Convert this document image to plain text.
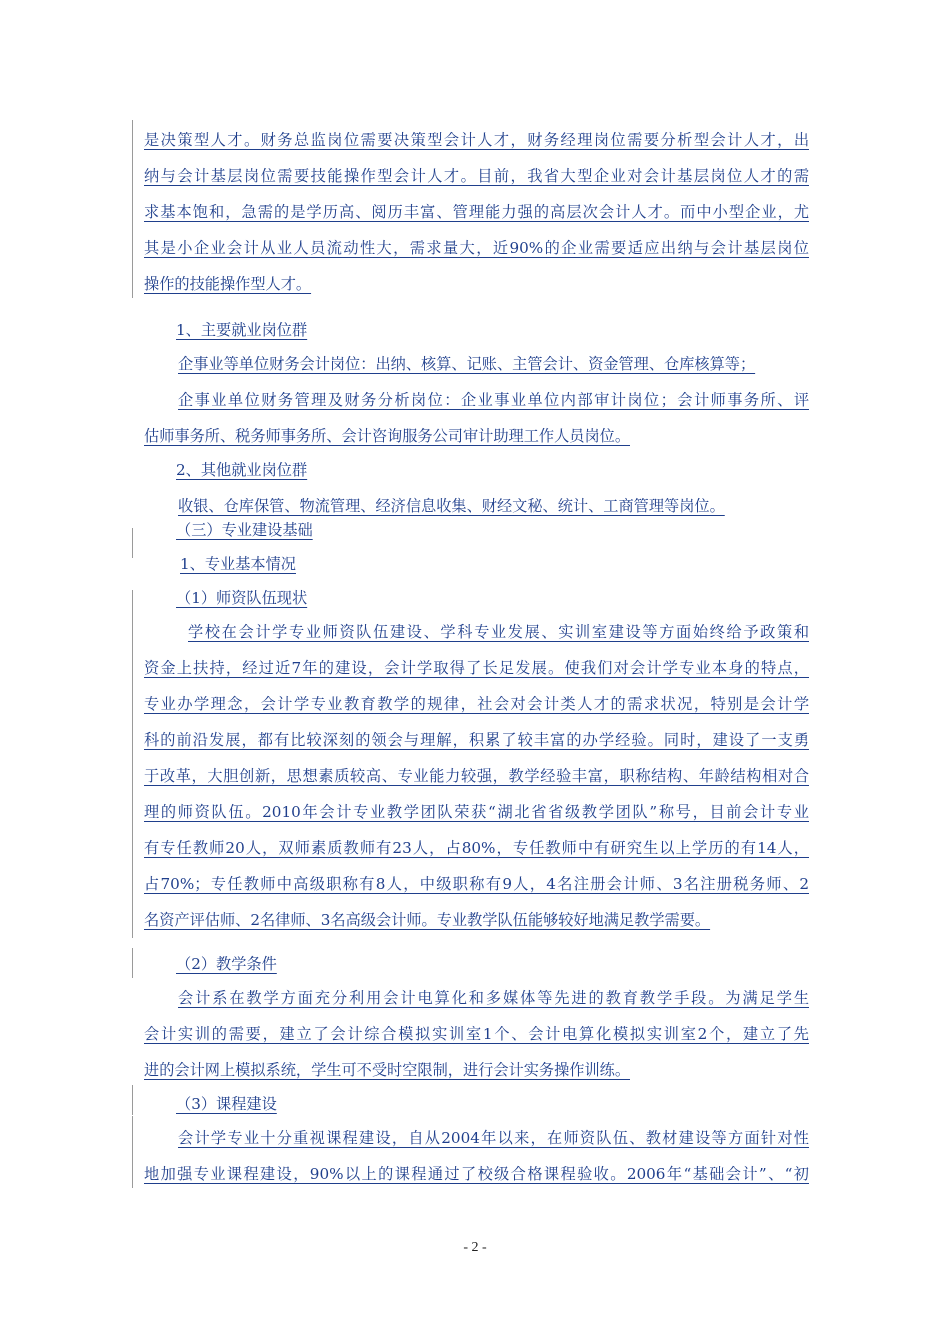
是决策型人才。财务总监岗位需要决策型会计人才，财务经理岗位需要分析型会计人才，出
纳与会计基层岗位需要技能操作型会计人才。目前，我省大型企业对会计基层岗位人才的需
求基本饱和，急需的是学历高、阅历丰富、管理能力强的高层次会计人才。而中小型企业，尤
其是小企业会计从业人员流动性大，需求量大，近90%的企业需要适应出纳与会计基层岗位
操作的技能操作型人才。
1、主要就业岗位群
企事业等单位财务会计岗位：出纳、核算、记账、主管会计、资金管理、仓库核算等；
企事业单位财务管理及财务分析岗位：企业事业单位内部审计岗位；会计师事务所、评
估师事务所、税务师事务所、会计咨询服务公司审计助理工作人员岗位。
2、其他就业岗位群
收银、仓库保管、物流管理、经济信息收集、财经文秘、统计、工商管理等岗位。
（三）专业建设基础
1、专业基本情况
（1）师资队伍现状
学校在会计学专业师资队伍建设、学科专业发展、实训室建设等方面始终给予政策和
资金上扶持，经过近7年的建设，会计学取得了长足发展。使我们对会计学专业本身的特点，
专业办学理念，会计学专业教育教学的规律，社会对会计类人才的需求状况，特别是会计学
科的前沿发展，都有比较深刻的领会与理解，积累了较丰富的办学经验。同时，建设了一支勇
于改革，大胆创新，思想素质较高、专业能力较强，教学经验丰富，职称结构、年龄结构相对合
理的师资队伍。2010年会计专业教学团队荣获“湖北省省级教学团队”称号，目前会计专业
有专任教师20人，双师素质教师有23人，占80%，专任教师中有研究生以上学历的有14人，
占70%；专任教师中高级职称有8人，中级职称有9人，4名注册会计师、3名注册税务师、2
名资产评估师、2名律师、3名高级会计师。专业教学队伍能够较好地满足教学需要。
（2）教学条件
会计系在教学方面充分利用会计电算化和多媒体等先进的教育教学手段。为满足学生
会计实训的需要，建立了会计综合模拟实训室1个、会计电算化模拟实训室2个，建立了先
进的会计网上模拟系统，学生可不受时空限制，进行会计实务操作训练。
（3）课程建设
会计学专业十分重视课程建设，自从2004年以来，在师资队伍、教材建设等方面针对性
地加强专业课程建设，90%以上的课程通过了校级合格课程验收。2006年“基础会计”、“初
- 2 -
